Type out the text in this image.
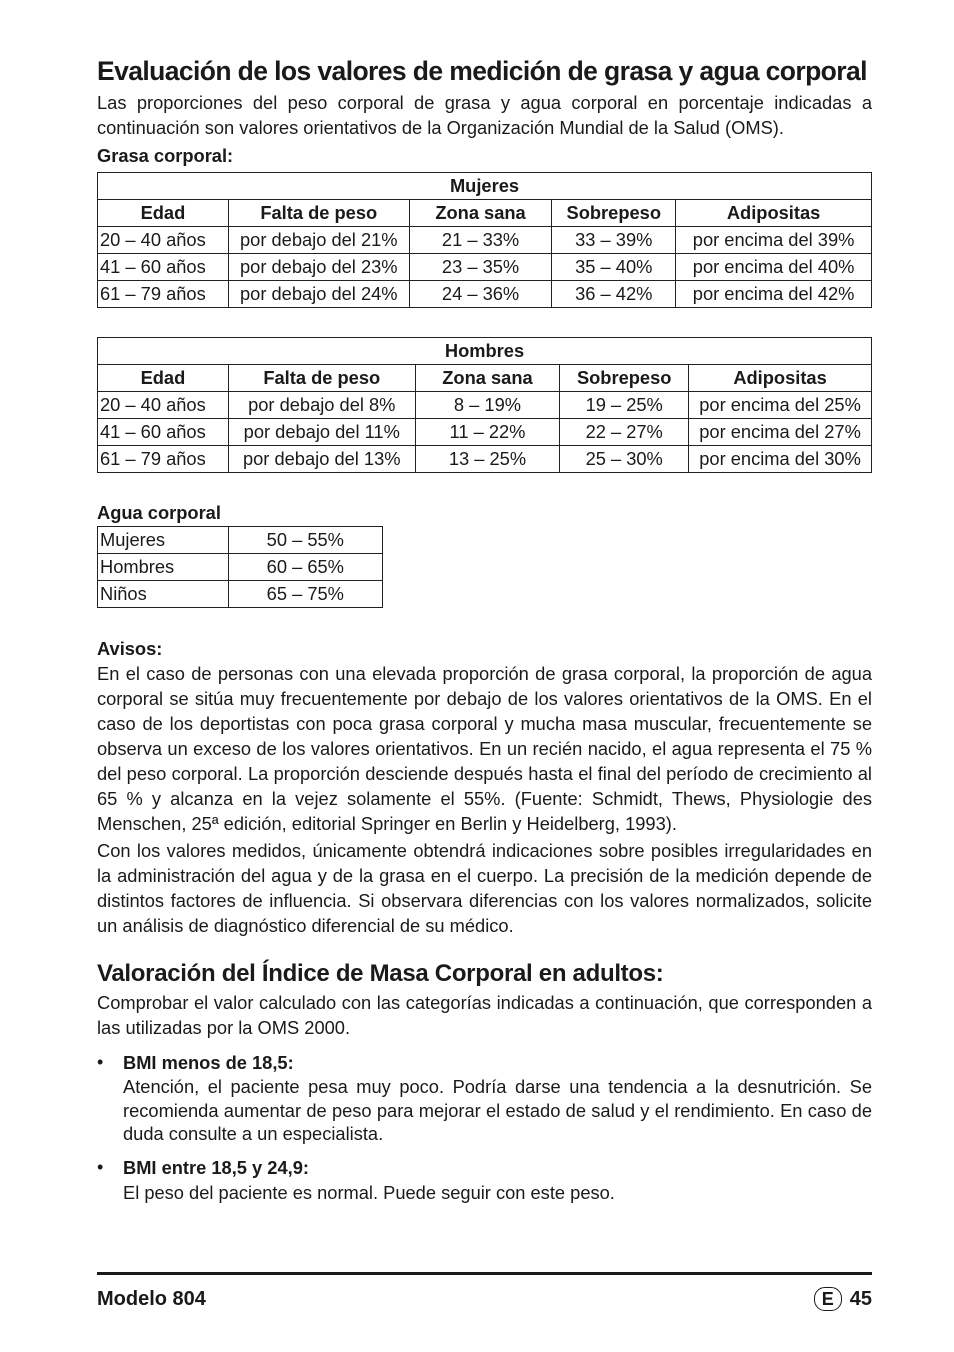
Evaluación de los valores de medición de grasa y agua corporal

Las proporciones del peso corporal de grasa y agua corporal en porcentaje indicadas a continuación son valores orientativos de la Organización Mundial de la Salud (OMS).

Grasa corporal:
Mujeres				
Edad	Falta de peso	Zona sana	Sobrepeso	Adipositas
20 – 40 años	por debajo del 21%	21 – 33%	33 – 39%	por encima del 39%
41 – 60 años	por debajo del 23%	23 – 35%	35 – 40%	por encima del 40%
61 – 79 años	por debajo del 24%	24 – 36%	36 – 42%	por encima del 42%
Hombres				
Edad	Falta de peso	Zona sana	Sobrepeso	Adipositas
20 – 40 años	por debajo del 8%	8 – 19%	19 – 25%	por encima del 25%
41 – 60 años	por debajo del 11%	11 – 22%	22 – 27%	por encima del 27%
61 – 79 años	por debajo del 13%	13 – 25%	25 – 30%	por encima del 30%
Agua corporal
Mujeres	50 – 55%
Hombres	60 – 65%
Niños	65 – 75%
Avisos:

En el caso de personas con una elevada proporción de grasa corporal, la proporción de agua corporal se sitúa muy frecuentemente por debajo de los valores orientativos de la OMS. En el caso de los deportistas con poca grasa corporal y mucha masa muscular, frecuentemente se observa un exceso de los valores orientativos. En un recién nacido, el agua representa el 75 % del peso corporal. La proporción desciende después hasta el final del período de crecimiento al 65 % y alcanza en la vejez solamente el 55%. (Fuente: Schmidt, Thews, Physiologie des Menschen, 25ª edición, editorial Springer en Berlin y Heidelberg, 1993).

Con los valores medidos, únicamente obtendrá indicaciones sobre posibles irregularidades en la administración del agua y de la grasa en el cuerpo. La precisión de la medición depende de distintos factores de influencia. Si observara diferencias con los valores normalizados, solicite un análisis de diagnóstico diferencial de su médico.

Valoración del Índice de Masa Corporal en adultos:

Comprobar el valor calculado con las categorías indicadas a continuación, que corresponden a las utilizadas por la OMS 2000.

• BMI menos de 18,5:

Atención, el paciente pesa muy poco. Podría darse una tendencia a la desnutrición. Se recomienda aumentar de peso para mejorar el estado de salud y el rendimiento. En caso de duda consulte a un especialista.

• BMI entre 18,5 y 24,9:

El peso del paciente es normal. Puede seguir con este peso.

Modelo 804	E 45
